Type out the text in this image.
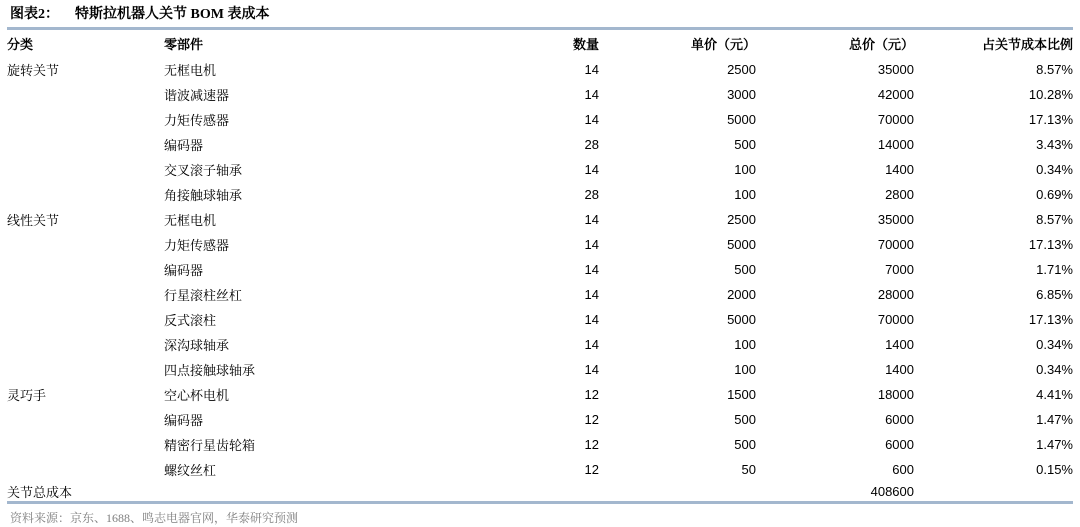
图表2： 特斯拉机器人关节 BOM 表成本
分类	零部件	数量	单价（元）	总价（元）	占关节成本比例
旋转关节	无框电机	14	2500	35000	8.57%
	谐波减速器	14	3000	42000	10.28%
	力矩传感器	14	5000	70000	17.13%
	编码器	28	500	14000	3.43%
	交叉滚子轴承	14	100	1400	0.34%
	角接触球轴承	28	100	2800	0.69%
线性关节	无框电机	14	2500	35000	8.57%
	力矩传感器	14	5000	70000	17.13%
	编码器	14	500	7000	1.71%
	行星滚柱丝杠	14	2000	28000	6.85%
	反式滚柱	14	5000	70000	17.13%
	深沟球轴承	14	100	1400	0.34%
	四点接触球轴承	14	100	1400	0.34%
灵巧手	空心杯电机	12	1500	18000	4.41%
	编码器	12	500	6000	1.47%
	精密行星齿轮箱	12	500	6000	1.47%
	螺纹丝杠	12	50	600	0.15%
关节总成本				408600	
资料来源：京东、1688、鸣志电器官网，华泰研究预测
